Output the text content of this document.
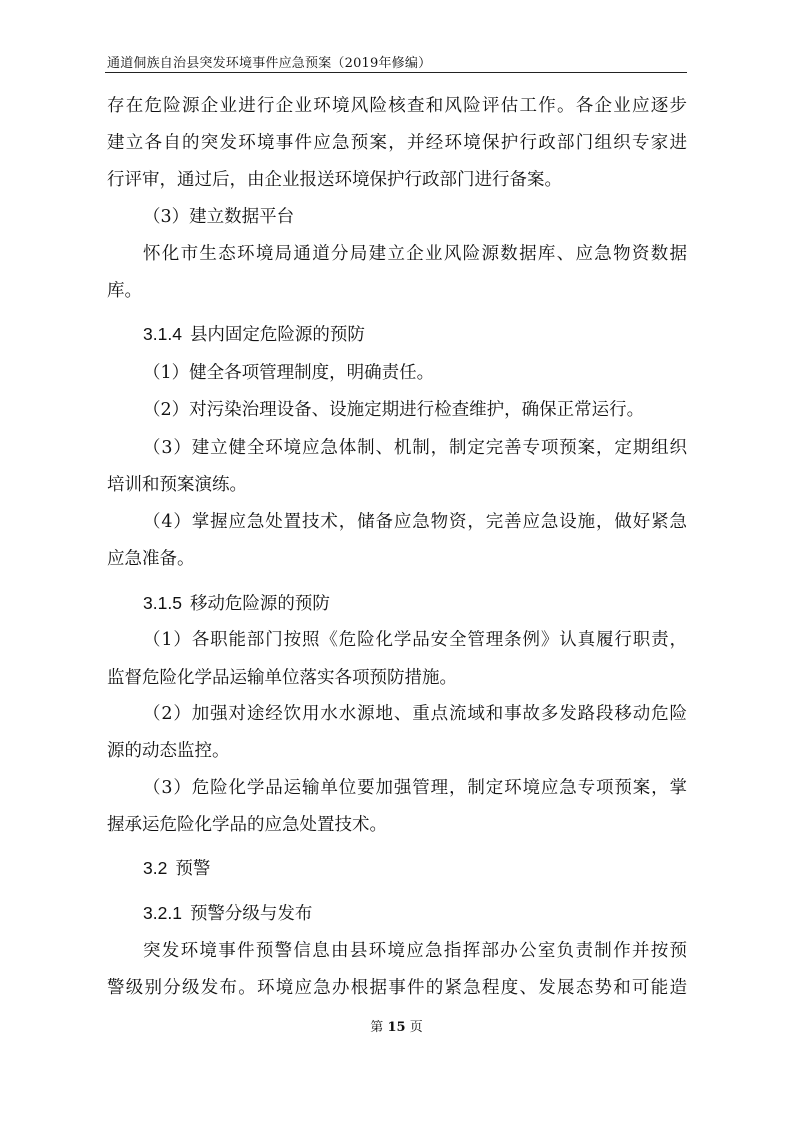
通道侗族自治县突发环境事件应急预案（2019年修编）
存在危险源企业进行企业环境风险核查和风险评估工作。各企业应逐步
建立各自的突发环境事件应急预案，并经环境保护行政部门组织专家进
行评审，通过后，由企业报送环境保护行政部门进行备案。
（3）建立数据平台
怀化市生态环境局通道分局建立企业风险源数据库、应急物资数据
库。
3.1.4 县内固定危险源的预防
（1）健全各项管理制度，明确责任。
（2）对污染治理设备、设施定期进行检查维护，确保正常运行。
（3）建立健全环境应急体制、机制，制定完善专项预案，定期组织
培训和预案演练。
（4）掌握应急处置技术，储备应急物资，完善应急设施，做好紧急
应急准备。
3.1.5 移动危险源的预防
（1）各职能部门按照《危险化学品安全管理条例》认真履行职责，
监督危险化学品运输单位落实各项预防措施。
（2）加强对途经饮用水水源地、重点流域和事故多发路段移动危险
源的动态监控。
（3）危险化学品运输单位要加强管理，制定环境应急专项预案，掌
握承运危险化学品的应急处置技术。
3.2 预警
3.2.1 预警分级与发布
突发环境事件预警信息由县环境应急指挥部办公室负责制作并按预
警级别分级发布。环境应急办根据事件的紧急程度、发展态势和可能造
第 15 页
